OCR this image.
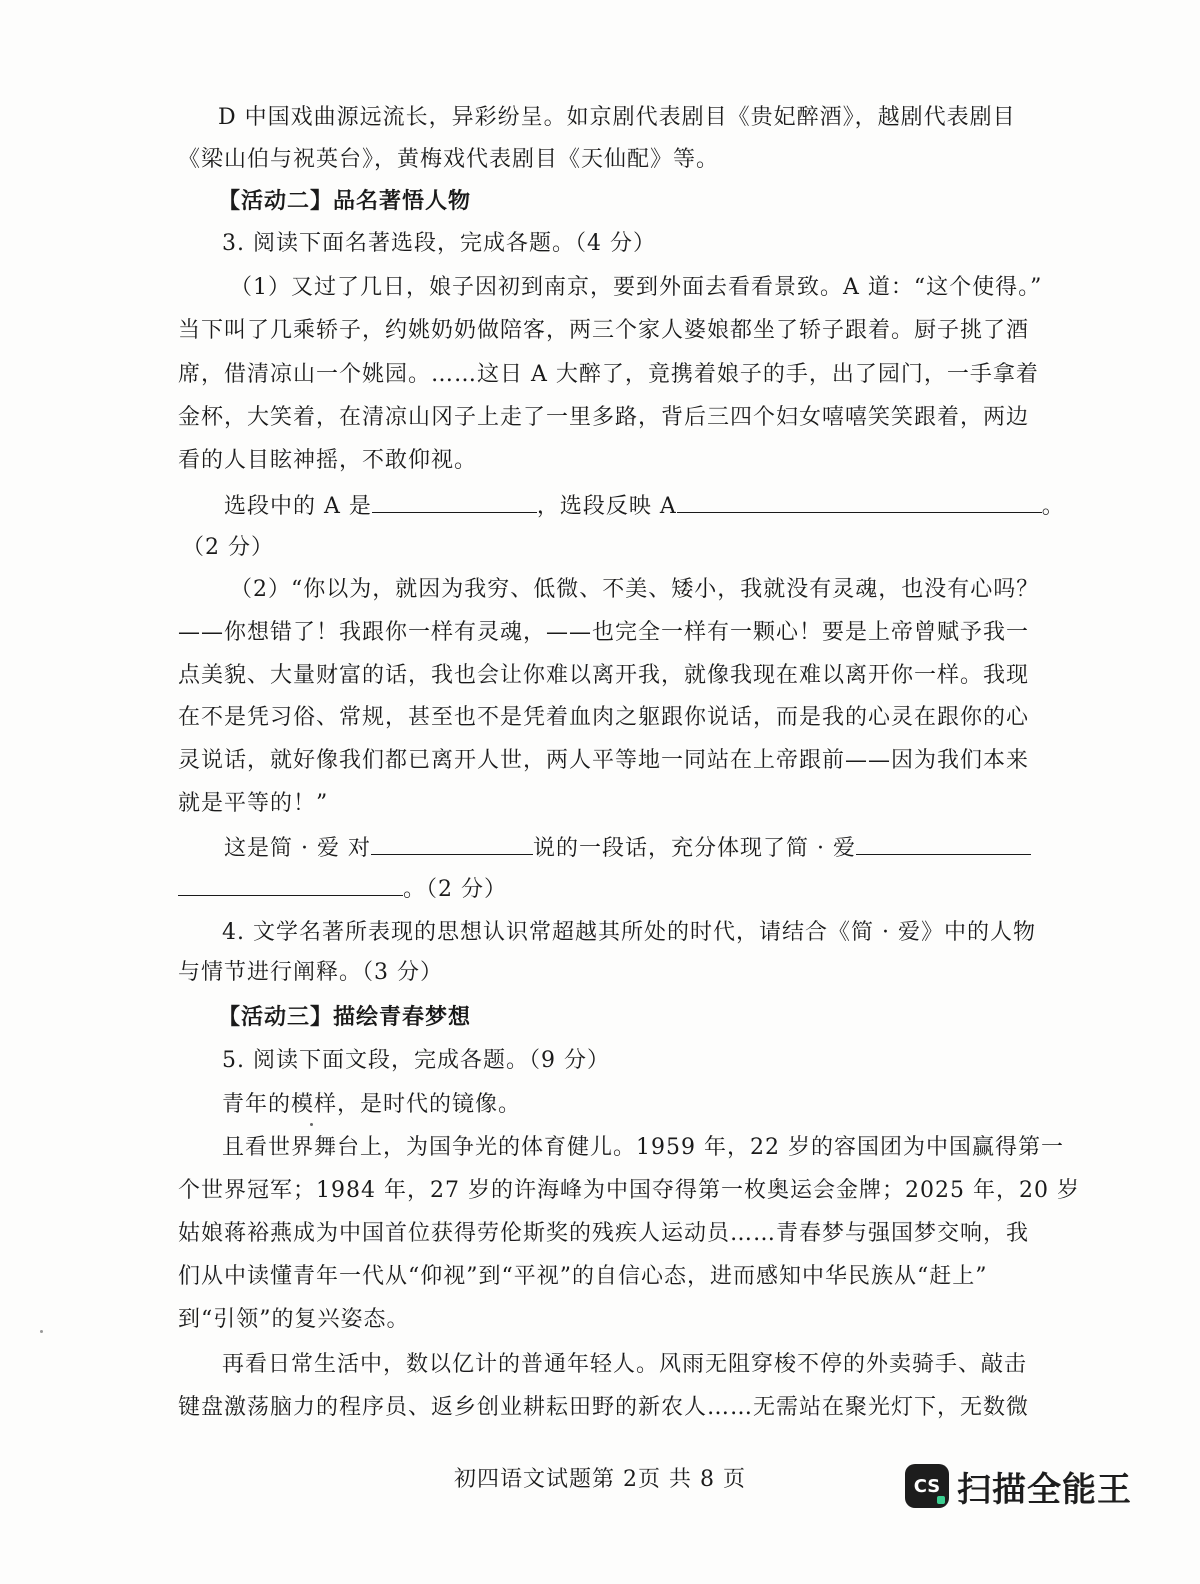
D 中国戏曲源远流长，异彩纷呈。如京剧代表剧目《贵妃醉酒》，越剧代表剧目
《梁山伯与祝英台》，黄梅戏代表剧目《天仙配》等。
【活动二】品名著悟人物
3. 阅读下面名著选段，完成各题。（4 分）
（1）又过了几日，娘子因初到南京，要到外面去看看景致。A 道：“这个使得。”
当下叫了几乘轿子，约姚奶奶做陪客，两三个家人婆娘都坐了轿子跟着。厨子挑了酒
席，借清凉山一个姚园。……这日 A 大醉了，竟携着娘子的手，出了园门，一手拿着
金杯，大笑着，在清凉山冈子上走了一里多路，背后三四个妇女嘻嘻笑笑跟着，两边
看的人目眩神摇，不敢仰视。
选段中的 A 是	，选段反映 A	。
（2 分）
（2）“你以为，就因为我穷、低微、不美、矮小，我就没有灵魂，也没有心吗？
——你想错了！我跟你一样有灵魂，——也完全一样有一颗心！要是上帝曾赋予我一
点美貌、大量财富的话，我也会让你难以离开我，就像我现在难以离开你一样。我现
在不是凭习俗、常规，甚至也不是凭着血肉之躯跟你说话，而是我的心灵在跟你的心
灵说话，就好像我们都已离开人世，两人平等地一同站在上帝跟前——因为我们本来
就是平等的！”
这是简 · 爱 对	说的一段话，充分体现了简 · 爱
。（2 分）
4. 文学名著所表现的思想认识常超越其所处的时代，请结合《简 · 爱》中的人物
与情节进行阐释。（3 分）
【活动三】描绘青春梦想
5. 阅读下面文段，完成各题。（9 分）
青年的模样，是时代的镜像。
且看世界舞台上，为国争光的体育健儿。1959 年，22 岁的容国团为中国赢得第一
个世界冠军；1984 年，27 岁的许海峰为中国夺得第一枚奥运会金牌；2025 年，20 岁
姑娘蒋裕燕成为中国首位获得劳伦斯奖的残疾人运动员……青春梦与强国梦交响，我
们从中读懂青年一代从“仰视”到“平视”的自信心态，进而感知中华民族从“赶上”
到“引领”的复兴姿态。
再看日常生活中，数以亿计的普通年轻人。风雨无阻穿梭不停的外卖骑手、敲击
键盘激荡脑力的程序员、返乡创业耕耘田野的新农人……无需站在聚光灯下，无数微
初四语文试题第 2页 共 8 页	CS 扫描全能王
